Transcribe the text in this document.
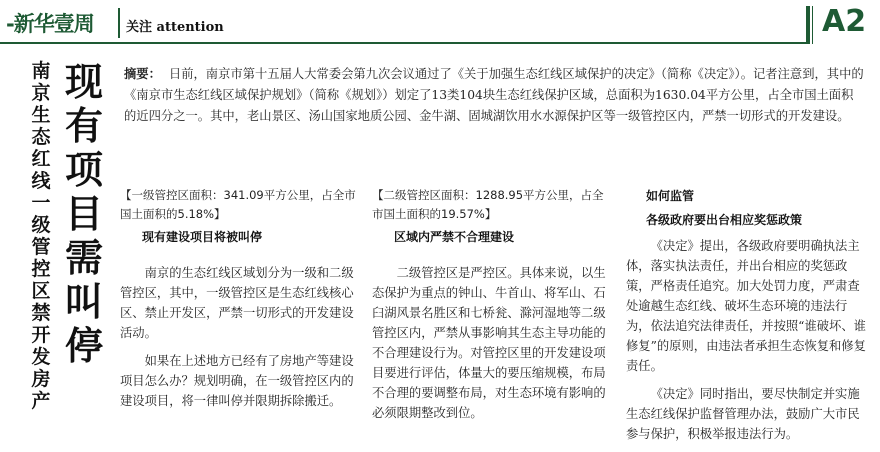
-新华壹周 关注 attention	A2
南
京
生
态
红
线
一
级
管
控
区
禁
开
发
房
产
现
有
项
目
需
叫
停
摘要： 日前，南京市第十五届人大常委会第九次会议通过了《关于加强生态红线区域保护的决定》（简称《决定》）。记者注意到，其中的《南京市生态红线区域保护规划》（简称《规划》）划定了13类104块生态红线保护区域，总面积为1630.04平方公里，占全市国土面积的近四分之一。其中，老山景区、汤山国家地质公园、金牛湖、固城湖饮用水水源保护区等一级管控区内，严禁一切形式的开发建设。
【一级管控区面积：341.09平方公里，占全市国土面积的5.18%】
现有建设项目将被叫停

南京的生态红线区域划分为一级和二级管控区，其中，一级管控区是生态红线核心区、禁止开发区，严禁一切形式的开发建设活动。

如果在上述地方已经有了房地产等建设项目怎么办？规划明确，在一级管控区内的建设项目，将一律叫停并限期拆除搬迁。

【二级管控区面积：1288.95平方公里，占全市国土面积的19.57%】
区域内严禁不合理建设

二级管控区是严控区。具体来说，以生态保护为重点的钟山、牛首山、将军山、石臼湖风景名胜区和七桥瓮、滁河湿地等二级管控区内，严禁从事影响其生态主导功能的不合理建设行为。对管控区里的开发建设项目要进行评估，体量大的要压缩规模，布局不合理的要调整布局，对生态环境有影响的必须限期整改到位。

如何监管
各级政府要出台相应奖惩政策

《决定》提出，各级政府要明确执法主体，落实执法责任，并出台相应的奖惩政策，严格责任追究。加大处罚力度，严肃查处逾越生态红线、破坏生态环境的违法行为，依法追究法律责任，并按照“谁破坏、谁修复”的原则，由违法者承担生态恢复和修复责任。

《决定》同时指出，要尽快制定并实施生态红线保护监督管理办法，鼓励广大市民参与保护，积极举报违法行为。
